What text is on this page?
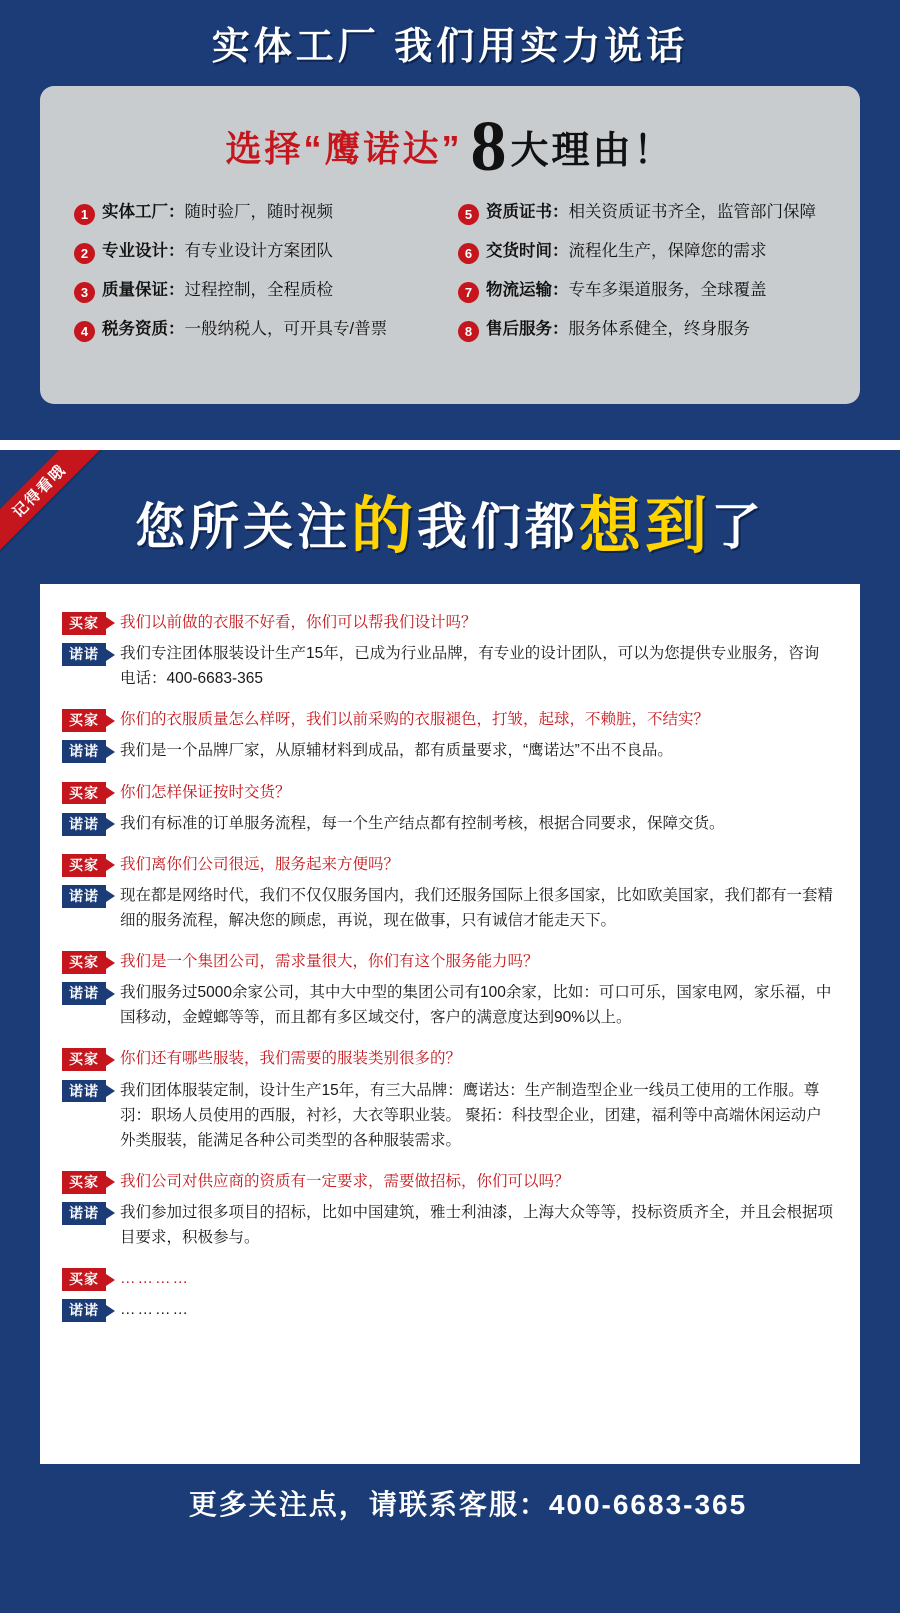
实体工厂 我们用实力说话
选择“鹰诺达” 8 大理由！
1 实体工厂：随时验厂，随时视频	5 资质证书：相关资质证书齐全，监管部门保障
2 专业设计：有专业设计方案团队	6 交货时间：流程化生产，保障您的需求
3 质量保证：过程控制，全程质检	7 物流运输：专车多渠道服务，全球覆盖
4 税务资质：一般纳税人，可开具专/普票	8 售后服务：服务体系健全，终身服务
记得看哦
您所关注的我们都想到了
买家	我们以前做的衣服不好看，你们可以帮我们设计吗？
诺诺	我们专注团体服装设计生产15年，已成为行业品牌，有专业的设计团队，可以为您提供专业服务，咨询电话：400-6683-365
买家	你们的衣服质量怎么样呀，我们以前采购的衣服褪色，打皱，起球，不赖脏，不结实？
诺诺	我们是一个品牌厂家，从原辅材料到成品，都有质量要求，“鹰诺达”不出不良品。
买家	你们怎样保证按时交货？
诺诺	我们有标准的订单服务流程，每一个生产结点都有控制考核，根据合同要求，保障交货。
买家	我们离你们公司很远，服务起来方便吗？
诺诺	现在都是网络时代，我们不仅仅服务国内，我们还服务国际上很多国家，比如欧美国家，我们都有一套精细的服务流程，解决您的顾虑，再说，现在做事，只有诚信才能走天下。
买家	我们是一个集团公司，需求量很大，你们有这个服务能力吗？
诺诺	我们服务过5000余家公司，其中大中型的集团公司有100余家，比如：可口可乐，国家电网，家乐福，中国移动，金螳螂等等，而且都有多区域交付，客户的满意度达到90%以上。
买家	你们还有哪些服装，我们需要的服装类别很多的？
诺诺	我们团体服装定制，设计生产15年，有三大品牌：鹰诺达：生产制造型企业一线员工使用的工作服。尊羽：职场人员使用的西服，衬衫，大衣等职业装。 聚拓：科技型企业，团建，福利等中高端休闲运动户外类服装，能满足各种公司类型的各种服装需求。
买家	我们公司对供应商的资质有一定要求，需要做招标，你们可以吗？
诺诺	我们参加过很多项目的招标，比如中国建筑，雅士利油漆，上海大众等等，投标资质齐全，并且会根据项目要求，积极参与。
买家	…………
诺诺	…………
更多关注点，请联系客服：400-6683-365
